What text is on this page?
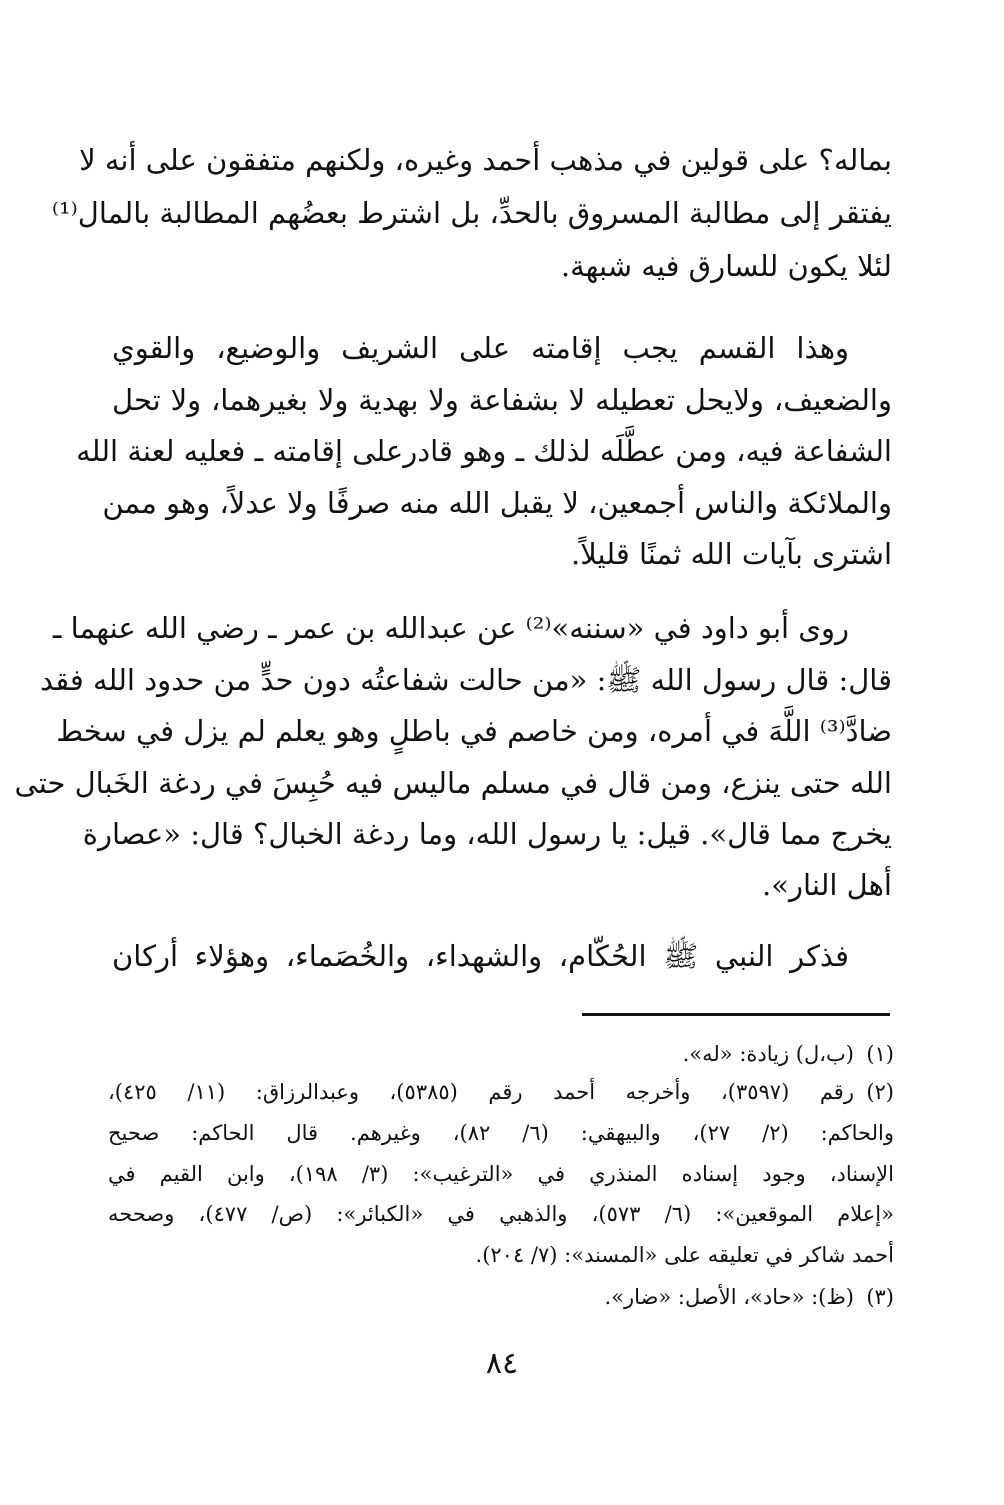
بماله؟ على قولين في مذهب أحمد وغيره، ولكنهم متفقون على أنه لا
يفتقر إلى مطالبة المسروق بالحدِّ، بل اشترط بعضُهم المطالبة بالمال⁽¹⁾
لئلا يكون للسارق فيه شبهة.
وهذا القسم يجب إقامته على الشريف والوضيع، والقوي
والضعيف، ولايحل تعطيله لا بشفاعة ولا بهدية ولا بغيرهما، ولا تحل
الشفاعة فيه، ومن عطَّلَه لذلك ـ وهو قادرعلى إقامته ـ فعليه لعنة الله
والملائكة والناس أجمعين، لا يقبل الله منه صرفًا ولا عدلاً، وهو ممن
اشترى بآيات الله ثمنًا قليلاً.
روى أبو داود في «سننه»⁽²⁾ عن عبدالله بن عمر ـ رضي الله عنهما ـ
قال: قال رسول الله ﷺ: «من حالت شفاعتُه دون حدٍّ من حدود الله فقد
ضادَّ⁽³⁾ اللَّهَ في أمره، ومن خاصم في باطلٍ وهو يعلم لم يزل في سخط
الله حتى ينزع، ومن قال في مسلم ماليس فيه حُبِسَ في ردغة الخَبال حتى
يخرج مما قال». قيل: يا رسول الله، وما ردغة الخبال؟ قال: «عصارة
أهل النار».
فذكر النبي ﷺ الحُكّام، والشهداء، والخُصَماء، وهؤلاء أركان
(١)
(ب،ل) زيادة: «له».
(٢)
رقم (٣٥٩٧)، وأخرجه أحمد رقم (٥٣٨٥)، وعبدالرزاق: (١١/ ٤٢٥)،
والحاكم: (٢/ ٢٧)، والبيهقي: (٦/ ٨٢)، وغيرهم. قال الحاكم: صحيح
الإسناد، وجود إسناده المنذري في «الترغيب»: (٣/ ١٩٨)، وابن القيم في
«إعلام الموقعين»: (٦/ ٥٧٣)، والذهبي في «الكبائر»: (ص/ ٤٧٧)، وصححه
أحمد شاكر في تعليقه على «المسند»: (٧/ ٢٠٤).
(٣)
(ظ): «حاد»، الأصل: «ضار».
٨٤
